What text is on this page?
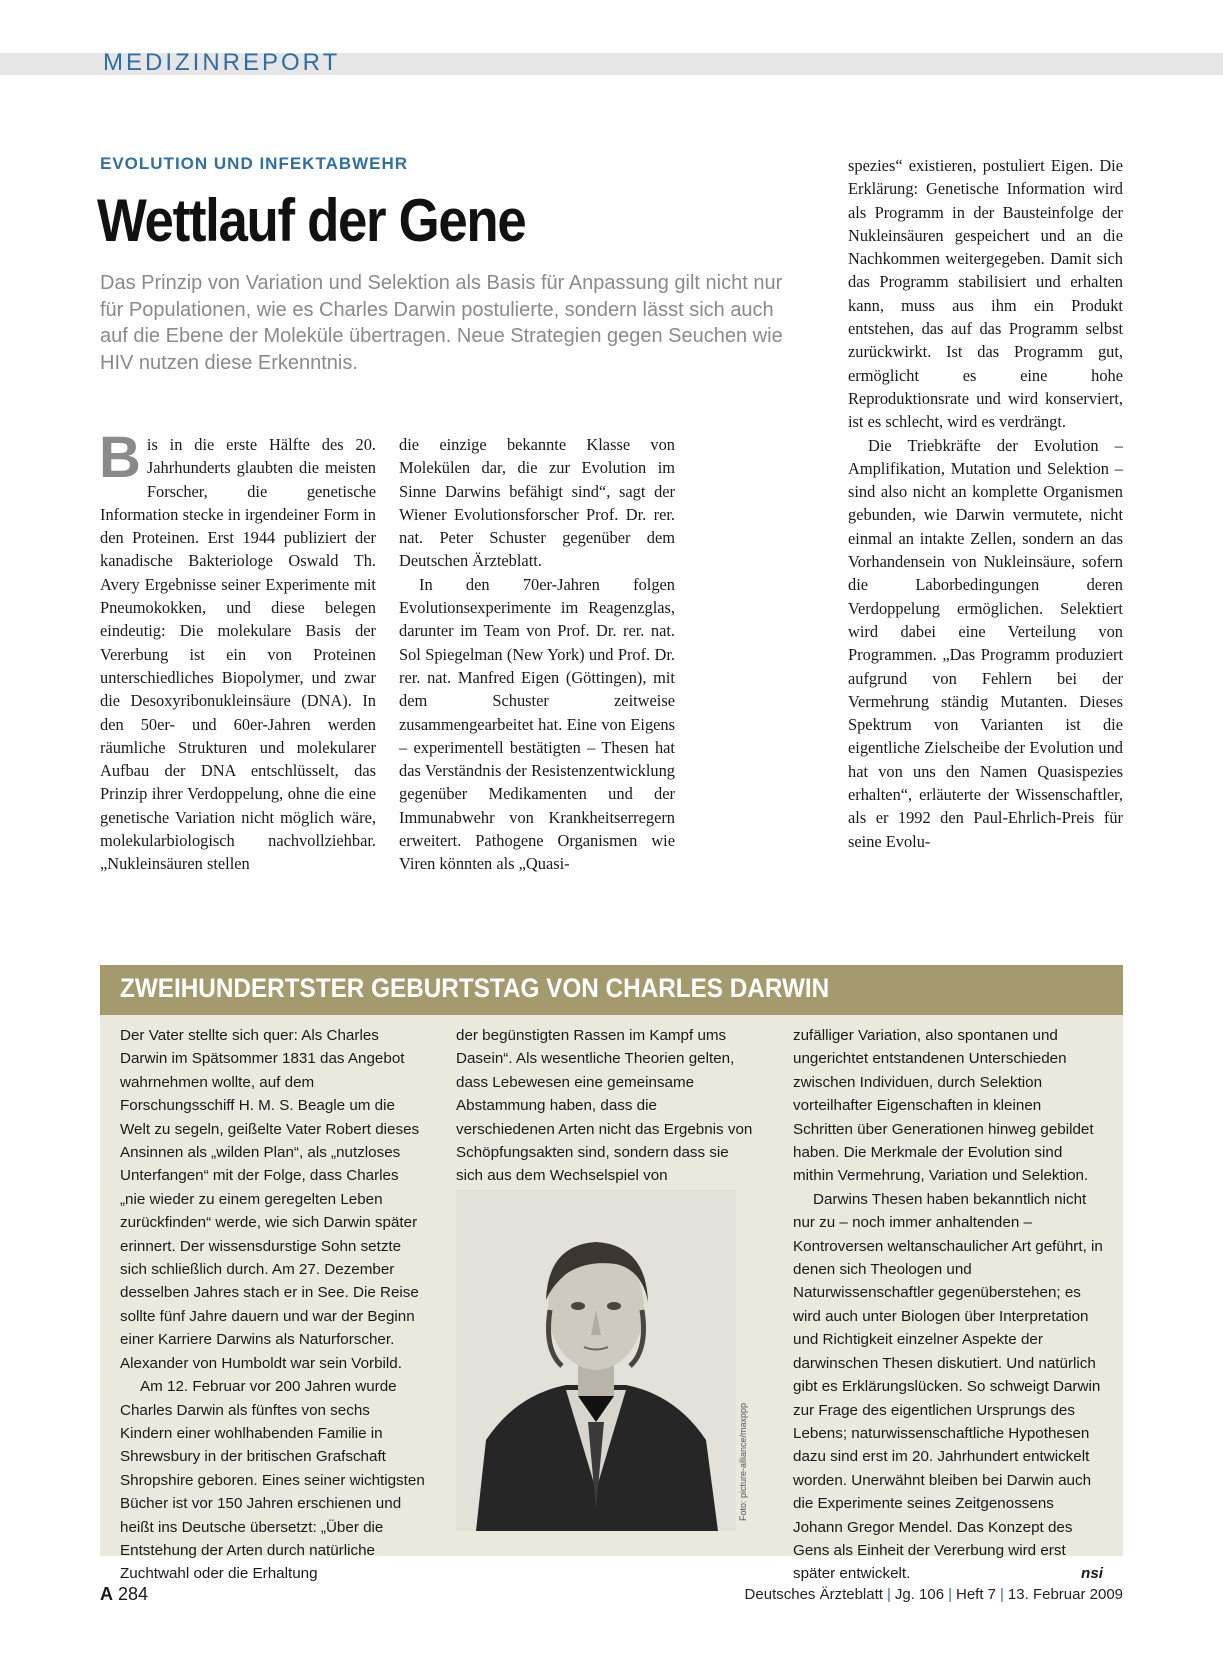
MEDIZINREPORT
EVOLUTION UND INFEKTABWEHR
Wettlauf der Gene
Das Prinzip von Variation und Selektion als Basis für Anpassung gilt nicht nur für Populationen, wie es Charles Darwin postulierte, sondern lässt sich auch auf die Ebene der Moleküle übertragen. Neue Strategien gegen Seuchen wie HIV nutzen diese Erkenntnis.

Bis in die erste Hälfte des 20. Jahrhunderts glaubten die meisten Forscher, die genetische Information stecke in irgendeiner Form in den Proteinen. Erst 1944 publiziert der kanadische Bakteriologe Oswald Th. Avery Ergebnisse seiner Experimente mit Pneumokokken, und diese belegen eindeutig: Die molekulare Basis der Vererbung ist ein von Proteinen unterschiedliches Biopolymer, und zwar die Desoxyribonukleinsäure (DNA). In den 50er- und 60er-Jahren werden räumliche Strukturen und molekularer Aufbau der DNA entschlüsselt, das Prinzip ihrer Verdoppelung, ohne die eine genetische Variation nicht möglich wäre, molekularbiologisch nachvollziehbar. „Nukleinsäuren stellen

die einzige bekannte Klasse von Molekülen dar, die zur Evolution im Sinne Darwins befähigt sind“, sagt der Wiener Evolutionsforscher Prof. Dr. rer. nat. Peter Schuster gegenüber dem Deutschen Ärzteblatt.

In den 70er-Jahren folgen Evolutionsexperimente im Reagenzglas, darunter im Team von Prof. Dr. rer. nat. Sol Spiegelman (New York) und Prof. Dr. rer. nat. Manfred Eigen (Göttingen), mit dem Schuster zeitweise zusammengearbeitet hat. Eine von Eigens – experimentell bestätigten – Thesen hat das Verständnis der Resistenzentwicklung gegenüber Medikamenten und der Immunabwehr von Krankheitserregern erweitert. Pathogene Organismen wie Viren könnten als „Quasi-

spezies“ existieren, postuliert Eigen. Die Erklärung: Genetische Information wird als Programm in der Bausteinfolge der Nukleinsäuren gespeichert und an die Nachkommen weitergegeben. Damit sich das Programm stabilisiert und erhalten kann, muss aus ihm ein Produkt entstehen, das auf das Programm selbst zurückwirkt. Ist das Programm gut, ermöglicht es eine hohe Reproduktionsrate und wird konserviert, ist es schlecht, wird es verdrängt.

Die Triebkräfte der Evolution – Amplifikation, Mutation und Selektion – sind also nicht an komplette Organismen gebunden, wie Darwin vermutete, nicht einmal an intakte Zellen, sondern an das Vorhandensein von Nukleinsäure, sofern die Laborbedingungen deren Verdoppelung ermöglichen. Selektiert wird dabei eine Verteilung von Programmen. „Das Programm produziert aufgrund von Fehlern bei der Vermehrung ständig Mutanten. Dieses Spektrum von Varianten ist die eigentliche Zielscheibe der Evolution und hat von uns den Namen Quasispezies erhalten“, erläuterte der Wissenschaftler, als er 1992 den Paul-Ehrlich-Preis für seine Evolu-

ZWEIHUNDERTSTER GEBURTSTAG VON CHARLES DARWIN

Der Vater stellte sich quer: Als Charles Darwin im Spätsommer 1831 das Angebot wahrnehmen wollte, auf dem Forschungsschiff H. M. S. Beagle um die Welt zu segeln, geißelte Vater Robert dieses Ansinnen als „wilden Plan“, als „nutzloses Unterfangen“ mit der Folge, dass Charles „nie wieder zu einem geregelten Leben zurückfinden“ werde, wie sich Darwin später erinnert. Der wissensdurstige Sohn setzte sich schließlich durch. Am 27. Dezember desselben Jahres stach er in See. Die Reise sollte fünf Jahre dauern und war der Beginn einer Karriere Darwins als Naturforscher. Alexander von Humboldt war sein Vorbild.

Am 12. Februar vor 200 Jahren wurde Charles Darwin als fünftes von sechs Kindern einer wohlhabenden Familie in Shrewsbury in der britischen Grafschaft Shropshire geboren. Eines seiner wichtigsten Bücher ist vor 150 Jahren erschienen und heißt ins Deutsche übersetzt: „Über die Entstehung der Arten durch natürliche Zuchtwahl oder die Erhaltung

der begünstigten Rassen im Kampf ums Dasein“. Als wesentliche Theorien gelten, dass Lebewesen eine gemeinsame Abstammung haben, dass die verschiedenen Arten nicht das Ergebnis von Schöpfungsakten sind, sondern dass sie sich aus dem Wechselspiel von

Foto: picture-alliance/maxppp

zufälliger Variation, also spontanen und ungerichtet entstandenen Unterschieden zwischen Individuen, durch Selektion vorteilhafter Eigenschaften in kleinen Schritten über Generationen hinweg gebildet haben. Die Merkmale der Evolution sind mithin Vermehrung, Variation und Selektion.

Darwins Thesen haben bekanntlich nicht nur zu – noch immer anhaltenden – Kontroversen weltanschaulicher Art geführt, in denen sich Theologen und Naturwissenschaftler gegenüberstehen; es wird auch unter Biologen über Interpretation und Richtigkeit einzelner Aspekte der darwinschen Thesen diskutiert. Und natürlich gibt es Erklärungslücken. So schweigt Darwin zur Frage des eigentlichen Ursprungs des Lebens; naturwissenschaftliche Hypothesen dazu sind erst im 20. Jahrhundert entwickelt worden. Unerwähnt bleiben bei Darwin auch die Experimente seines Zeitgenossens Johann Gregor Mendel. Das Konzept des Gens als Einheit der Vererbung wird erst später entwickelt.	nsi

A 284	Deutsches Ärzteblatt | Jg. 106 | Heft 7 | 13. Februar 2009
